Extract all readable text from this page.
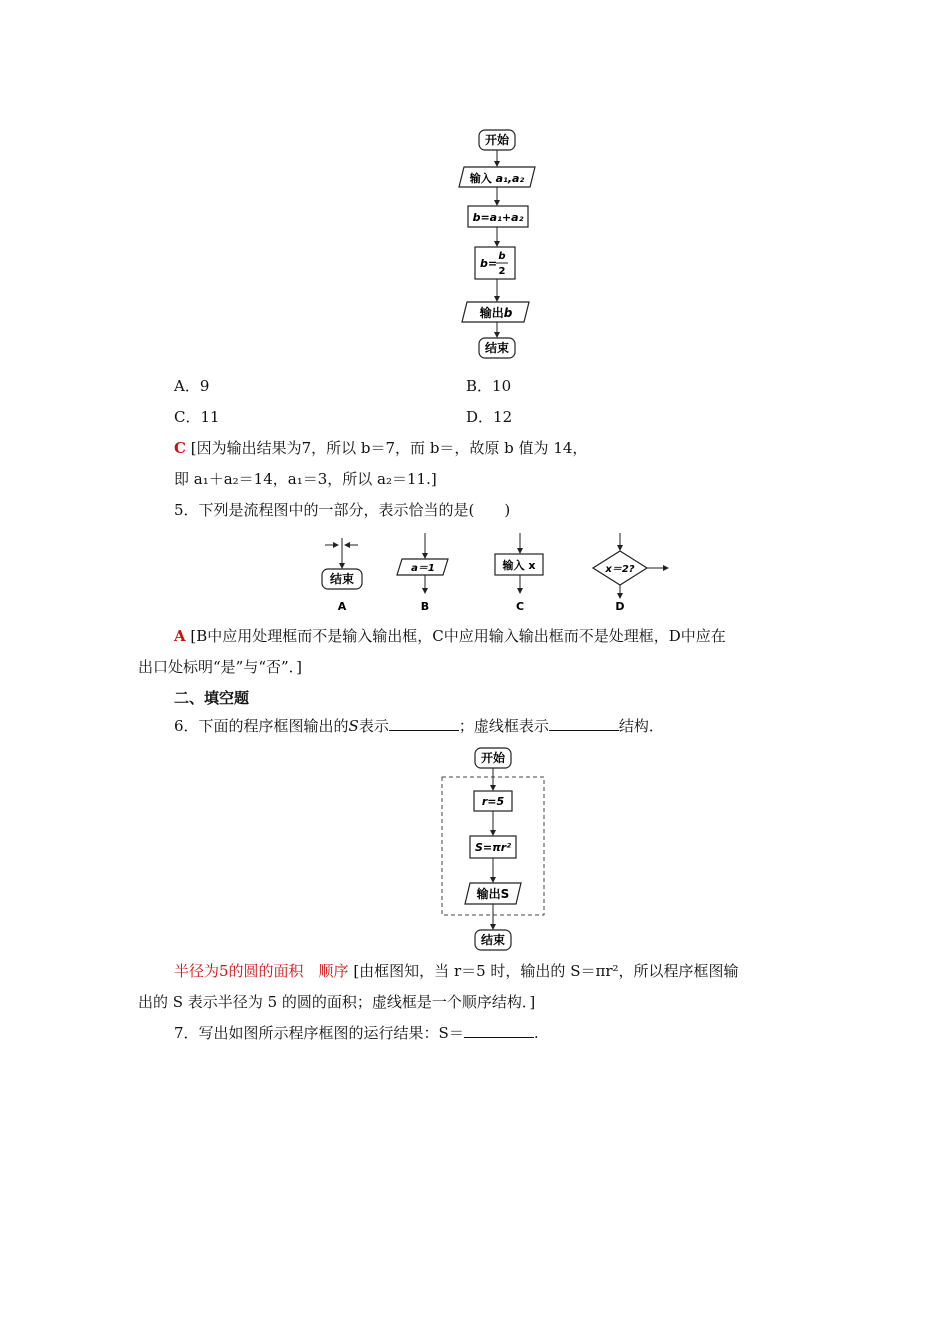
开始
输入 a₁,a₂
b=a₁+a₂
b=
b
2
输出b
结束
A．9	B．10
C．11	D．12
C [因为输出结果为7，所以 b＝7，而 b＝，故原 b 值为 14，
即 a₁＋a₂＝14，a₁＝3，所以 a₂＝11.]
5．下列是流程图中的一部分，表示恰当的是(　　)
结束
A
a＝1
B
输入 x
C
x＝2?
D
A [B中应用处理框而不是输入输出框，C中应用输入输出框而不是处理框，D中应在
出口处标明“是”与“否”．]
二、填空题
6．下面的程序框图输出的S表示	；虚线框表示	结构．
开始
r=5
S=πr²
输出S
结束
半径为5的圆的面积　顺序 [由框图知，当 r＝5 时，输出的 S＝πr²，所以程序框图输
出的 S 表示半径为 5 的圆的面积；虚线框是一个顺序结构．]
7．写出如图所示程序框图的运行结果：S＝	.
